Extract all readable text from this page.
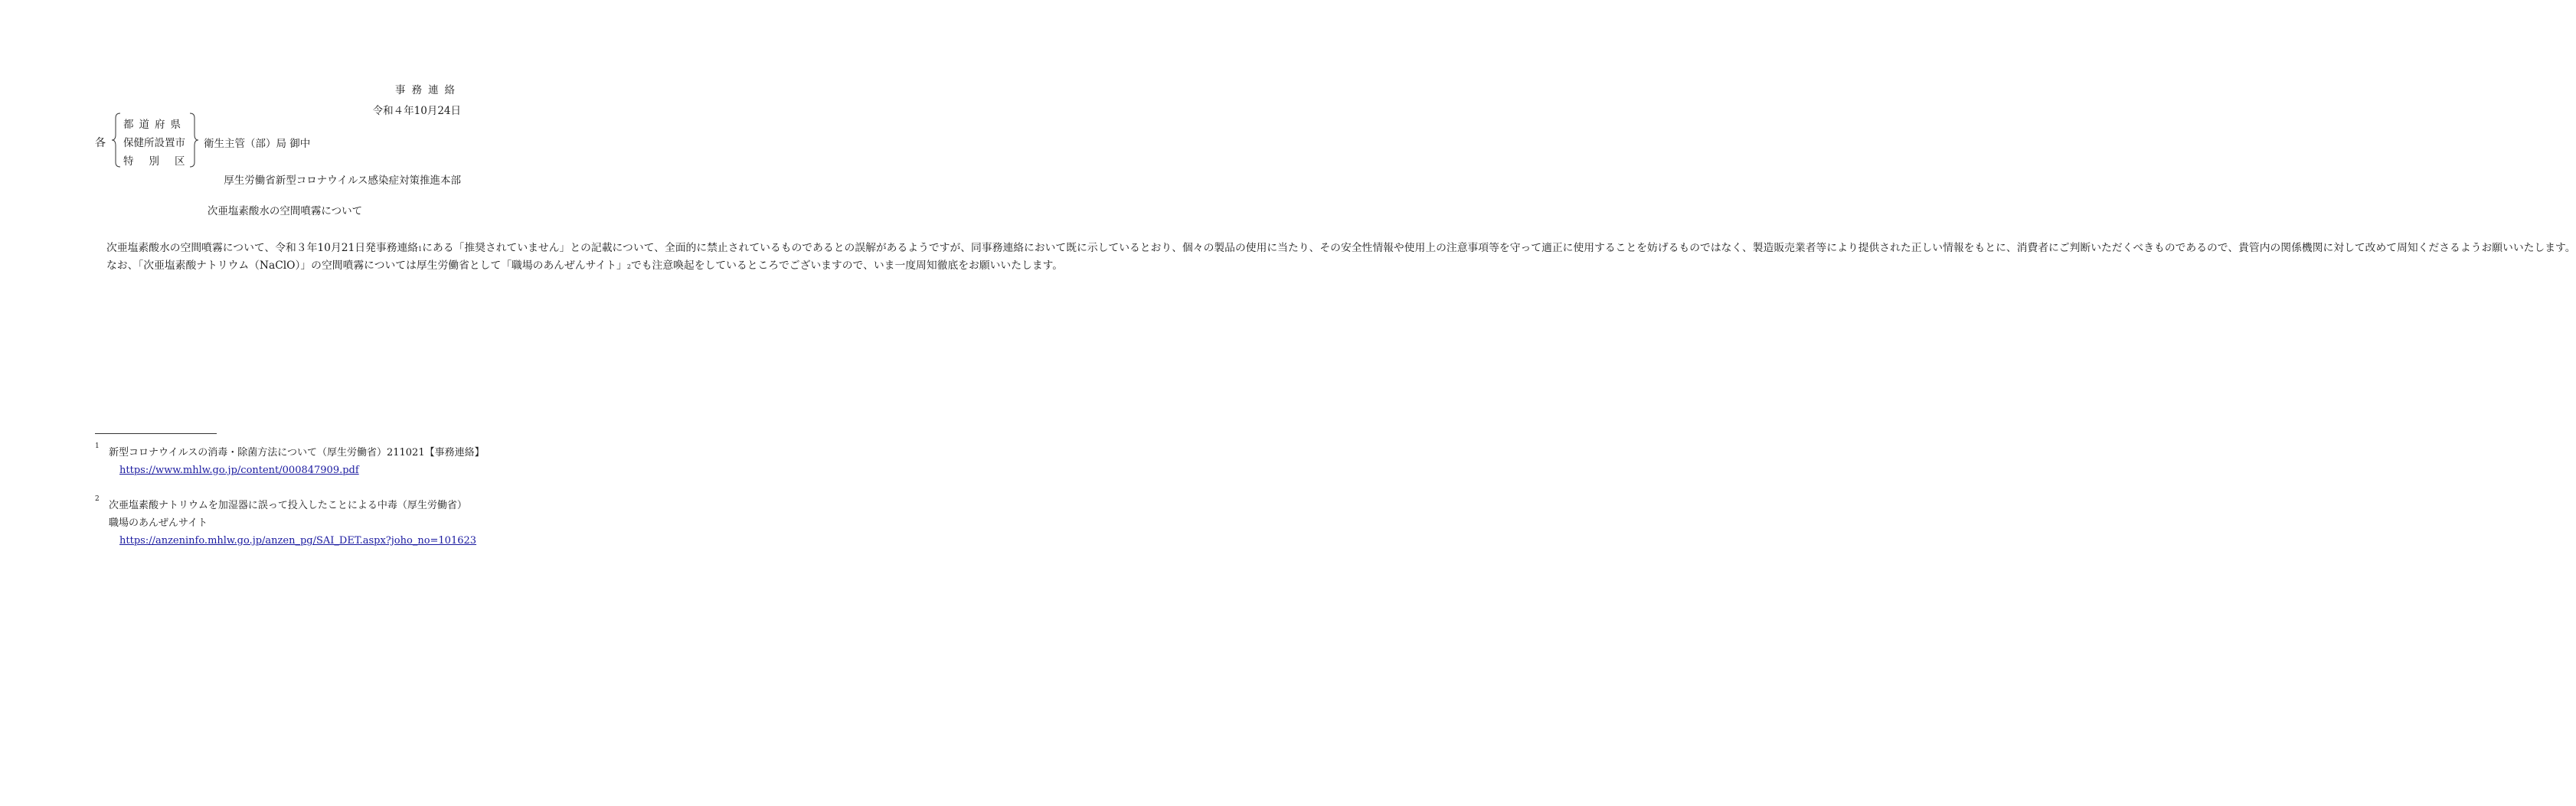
事務連絡
令和４年10月24日
各
都道府県
保健所設置市
特別区
衛生主管（部）局 御中
厚生労働省新型コロナウイルス感染症対策推進本部
次亜塩素酸水の空間噴霧について

次亜塩素酸水の空間噴霧について、令和３年10月21日発事務連絡$^1$にある「推奨されていません」との記載について、全面的に禁止されているものであるとの誤解があるようですが、同事務連絡において既に示しているとおり、個々の製品の使用に当たり、その安全性情報や使用上の注意事項等を守って適正に使用することを妨げるものではなく、製造販売業者等により提供された正しい情報をもとに、消費者にご判断いただくべきものであるので、貴管内の関係機関に対して改めて周知くださるようお願いいたします。

なお、「次亜塩素酸ナトリウム（NaClO）」の空間噴霧については厚生労働省として「職場のあんぜんサイト」$^2$でも注意喚起をしているところでございますので、いま一度周知徹底をお願いいたします。

1
新型コロナウイルスの消毒・除菌方法について（厚生労働省）211021【事務連絡】
https://www.mhlw.go.jp/content/000847909.pdf
2
次亜塩素酸ナトリウムを加湿器に誤って投入したことによる中毒（厚生労働省）
職場のあんぜんサイト
https://anzeninfo.mhlw.go.jp/anzen_pg/SAI_DET.aspx?joho_no=101623
